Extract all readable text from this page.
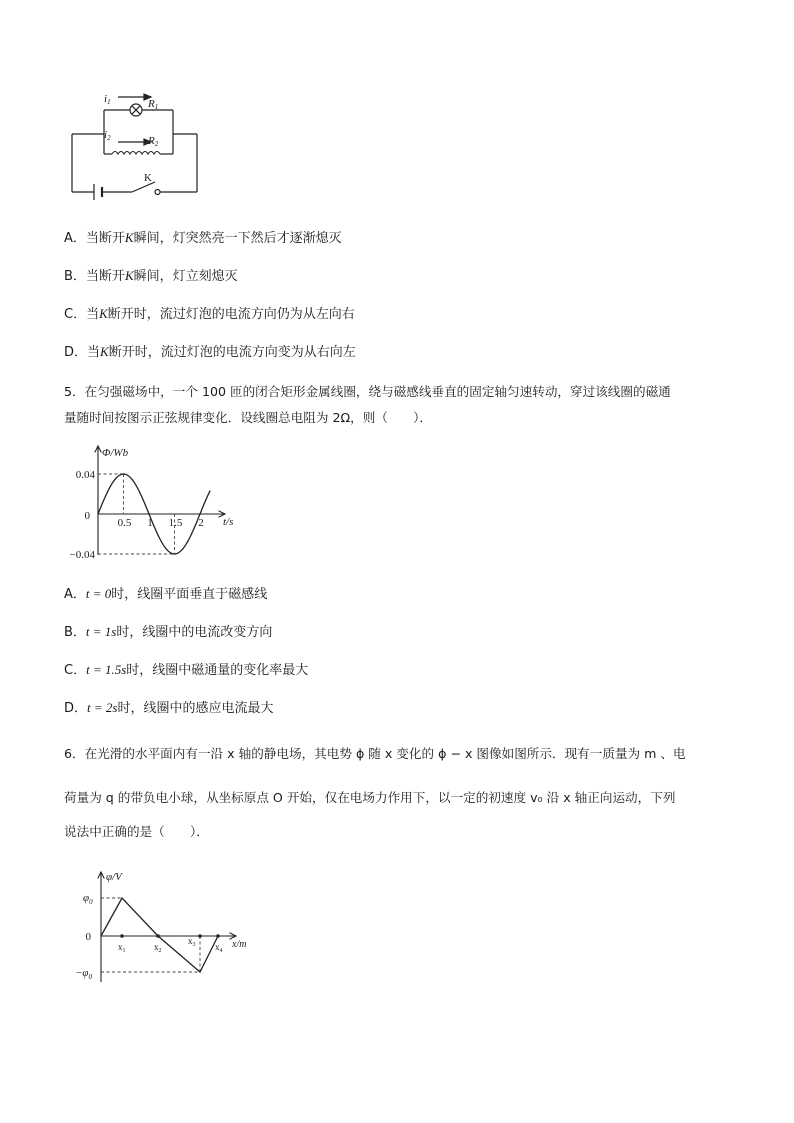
i1	R1
i2	R2
K
A．当断开K瞬间，灯突然亮一下然后才逐渐熄灭
B．当断开K瞬间，灯立刻熄灭
C．当K断开时，流过灯泡的电流方向仍为从左向右
D．当K断开时，流过灯泡的电流方向变为从右向左
5．在匀强磁场中，一个 100 匝的闭合矩形金属线圈，绕与磁感线垂直的固定轴匀速转动，穿过该线圈的磁通
量随时间按图示正弦规律变化．设线圈总电阻为 2Ω，则（　　）．
Φ/Wb
t/s
0
0.04
−0.04
0.5 1 1.5 2
A．t = 0时，线圈平面垂直于磁感线
B．t = 1s时，线圈中的电流改变方向
C．t = 1.5s时，线圈中磁通量的变化率最大
D．t = 2s时，线圈中的感应电流最大
6．在光滑的水平面内有一沿 x 轴的静电场，其电势 ϕ 随 x 变化的 ϕ − x 图像如图所示．现有一质量为 m 、电
荷量为 q 的带负电小球，从坐标原点 O 开始，仅在电场力作用下，以一定的初速度 v₀ 沿 x 轴正向运动，下列
说法中正确的是（　　）．
φ/V
x/m
0
$\varphi_0$
$-\varphi_0$
$x_1$	$x_2$
$x_3$ $x_4$
